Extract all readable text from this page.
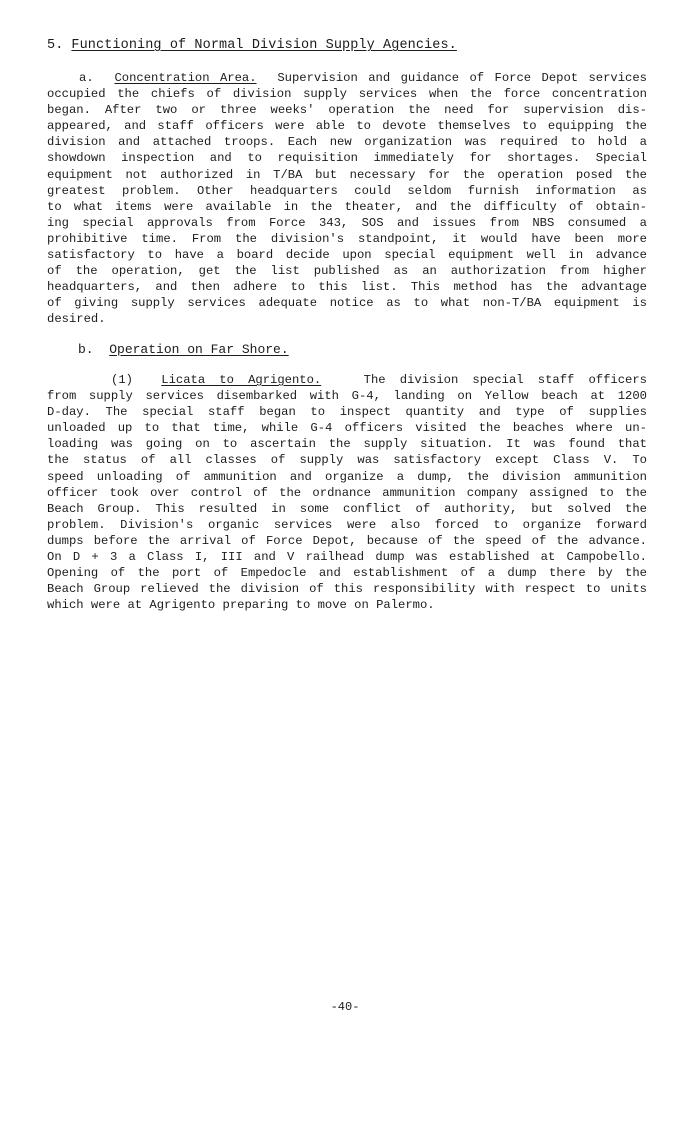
5. Functioning of Normal Division Supply Agencies.
a. Concentration Area. Supervision and guidance of Force Depot services
occupied the chiefs of division supply services when the force concentration
began. After two or three weeks' operation the need for supervision dis-
appeared, and staff officers were able to devote themselves to equipping the
division and attached troops. Each new organization was required to hold a
showdown inspection and to requisition immediately for shortages. Special
equipment not authorized in T/BA but necessary for the operation posed the
greatest problem. Other headquarters could seldom furnish information as
to what items were available in the theater, and the difficulty of obtain-
ing special approvals from Force 343, SOS and issues from NBS consumed a
prohibitive time. From the division's standpoint, it would have been more
satisfactory to have a board decide upon special equipment well in advance
of the operation, get the list published as an authorization from higher
headquarters, and then adhere to this list. This method has the advantage
of giving supply services adequate notice as to what non-T/BA equipment is
desired.
b. Operation on Far Shore.
(1) Licata to Agrigento.	The division special staff officers
from supply services disembarked with G-4, landing on Yellow beach at 1200
D-day. The special staff began to inspect quantity and type of supplies
unloaded up to that time, while G-4 officers visited the beaches where un-
loading was going on to ascertain the supply situation. It was found that
the status of all classes of supply was satisfactory except Class V. To
speed unloading of ammunition and organize a dump, the division ammunition
officer took over control of the ordnance ammunition company assigned to the
Beach Group. This resulted in some conflict of authority, but solved the
problem. Division's organic services were also forced to organize forward
dumps before the arrival of Force Depot, because of the speed of the advance.
On D + 3 a Class I, III and V railhead dump was established at Campobello.
Opening of the port of Empedocle and establishment of a dump there by the
Beach Group relieved the division of this responsibility with respect to units
which were at Agrigento preparing to move on Palermo.
-40-
